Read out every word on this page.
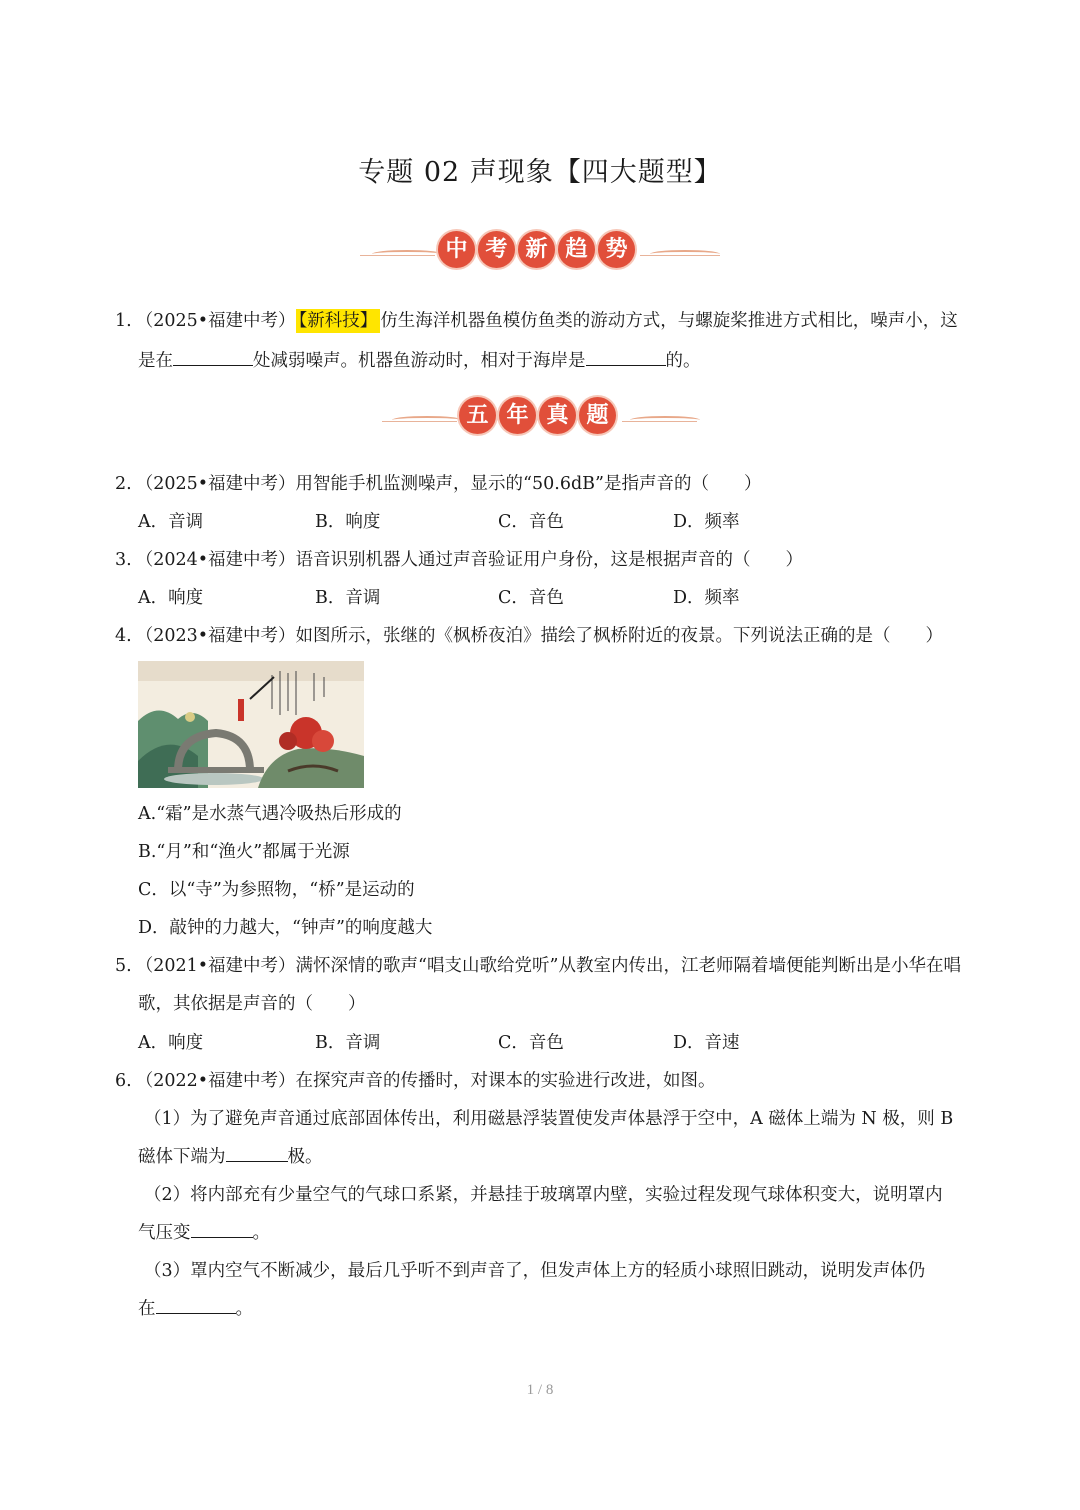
专题 02 声现象【四大题型】
中 考 新 趋 势
1. （2025•福建中考） 【新科技】 仿生海洋机器鱼模仿鱼类的游动方式，与螺旋桨推进方式相比，噪声小，这
是在	处减弱噪声。机器鱼游动时，相对于海岸是	的。
五 年 真 题
2. （2025•福建中考）用智能手机监测噪声，显示的“50.6dB”是指声音的（　　）
A．音调	B．响度	C．音色	D．频率
3. （2024•福建中考）语音识别机器人通过声音验证用户身份，这是根据声音的（　　）
A．响度	B．音调	C．音色	D．频率
4. （2023•福建中考）如图所示，张继的《枫桥夜泊》描绘了枫桥附近的夜景。下列说法正确的是（　　）
A.“霜”是水蒸气遇冷吸热后形成的
B.“月”和“渔火”都属于光源
C．以“寺”为参照物，“桥”是运动的
D．敲钟的力越大，“钟声”的响度越大
5. （2021•福建中考）满怀深情的歌声“唱支山歌给党听”从教室内传出，江老师隔着墙便能判断出是小华在唱
歌，其依据是声音的（　　）
A．响度	B．音调	C．音色	D．音速
6. （2022•福建中考）在探究声音的传播时，对课本的实验进行改进，如图。
（1）为了避免声音通过底部固体传出，利用磁悬浮装置使发声体悬浮于空中，A 磁体上端为 N 极，则 B
磁体下端为	极。
（2）将内部充有少量空气的气球口系紧，并悬挂于玻璃罩内壁，实验过程发现气球体积变大，说明罩内
气压变	。
（3）罩内空气不断减少，最后几乎听不到声音了，但发声体上方的轻质小球照旧跳动，说明发声体仍
在	。
1 / 8
